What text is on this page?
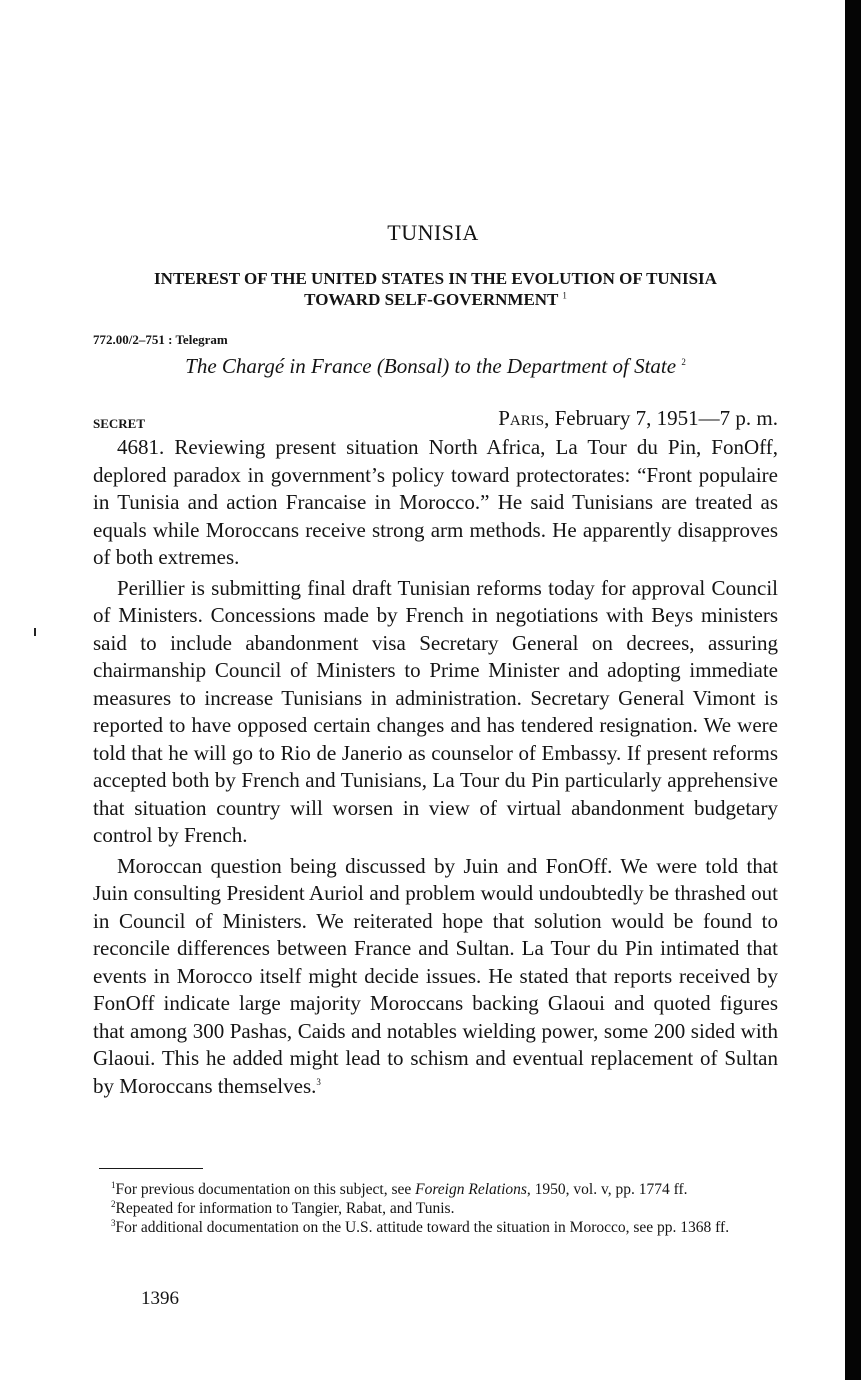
TUNISIA
INTEREST OF THE UNITED STATES IN THE EVOLUTION OF TUNISIA
TOWARD SELF-GOVERNMENT $^1$
772.00/2–751 : Telegram
The Chargé in France (Bonsal) to the Department of State $^2$
SECRET	Paris, February 7, 1951—7 p. m.

4681. Reviewing present situation North Africa, La Tour du Pin, FonOff, deplored paradox in government’s policy toward protectorates: “Front populaire in Tunisia and action Francaise in Morocco.” He said Tunisians are treated as equals while Moroccans receive strong arm methods. He apparently disapproves of both extremes.

Perillier is submitting final draft Tunisian reforms today for approval Council of Ministers. Concessions made by French in negotiations with Beys ministers said to include abandonment visa Secretary General on decrees, assuring chairmanship Council of Ministers to Prime Minister and adopting immediate measures to increase Tunisians in administration. Secretary General Vimont is reported to have opposed certain changes and has tendered resignation. We were told that he will go to Rio de Janerio as counselor of Embassy. If present reforms accepted both by French and Tunisians, La Tour du Pin particularly apprehensive that situation country will worsen in view of virtual abandonment budgetary control by French.

Moroccan question being discussed by Juin and FonOff. We were told that Juin consulting President Auriol and problem would undoubtedly be thrashed out in Council of Ministers. We reiterated hope that solution would be found to reconcile differences between France and Sultan. La Tour du Pin intimated that events in Morocco itself might decide issues. He stated that reports received by FonOff indicate large majority Moroccans backing Glaoui and quoted figures that among 300 Pashas, Caids and notables wielding power, some 200 sided with Glaoui. This he added might lead to schism and eventual replacement of Sultan by Moroccans themselves.$^3$

$^1$For previous documentation on this subject, see Foreign Relations, 1950, vol. v, pp. 1774 ff.

$^2$Repeated for information to Tangier, Rabat, and Tunis.

$^3$For additional documentation on the U.S. attitude toward the situation in Morocco, see pp. 1368 ff.

1396
